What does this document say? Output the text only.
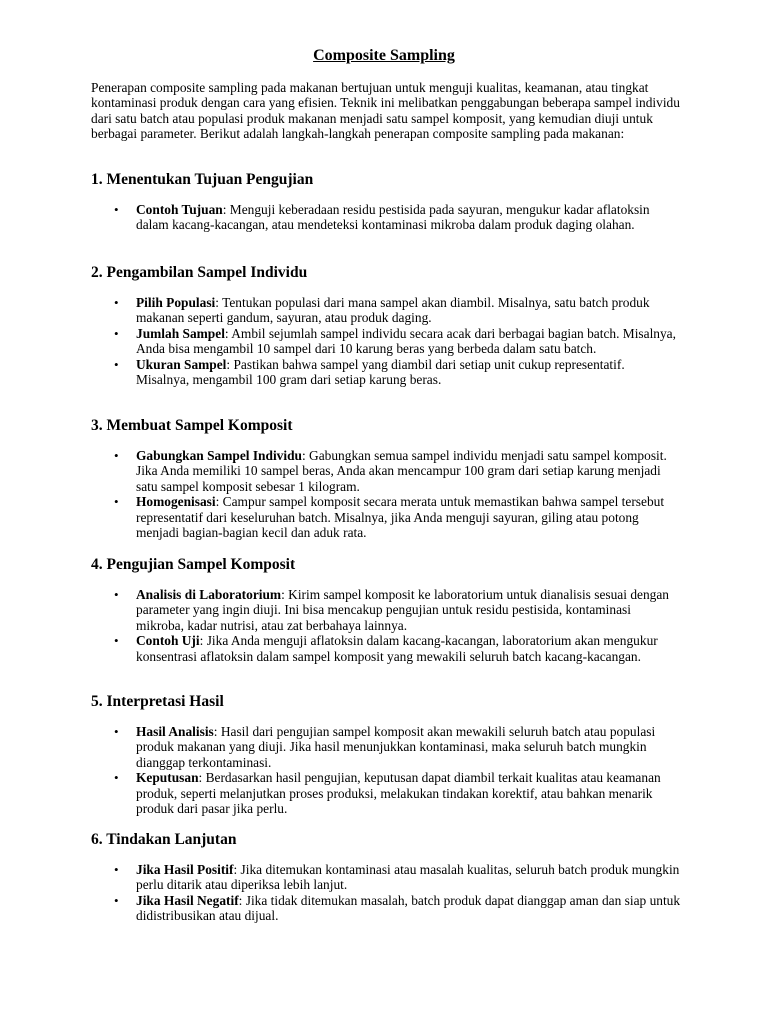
Composite Sampling

Penerapan composite sampling pada makanan bertujuan untuk menguji kualitas, keamanan, atau tingkat kontaminasi produk dengan cara yang efisien. Teknik ini melibatkan penggabungan beberapa sampel individu dari satu batch atau populasi produk makanan menjadi satu sampel komposit, yang kemudian diuji untuk berbagai parameter. Berikut adalah langkah-langkah penerapan composite sampling pada makanan:

1. Menentukan Tujuan Pengujian
• Contoh Tujuan: Menguji keberadaan residu pestisida pada sayuran, mengukur kadar aflatoksin dalam kacang-kacangan, atau mendeteksi kontaminasi mikroba dalam produk daging olahan.
2. Pengambilan Sampel Individu
• Pilih Populasi: Tentukan populasi dari mana sampel akan diambil. Misalnya, satu batch produk makanan seperti gandum, sayuran, atau produk daging.
• Jumlah Sampel: Ambil sejumlah sampel individu secara acak dari berbagai bagian batch. Misalnya, Anda bisa mengambil 10 sampel dari 10 karung beras yang berbeda dalam satu batch.
• Ukuran Sampel: Pastikan bahwa sampel yang diambil dari setiap unit cukup representatif. Misalnya, mengambil 100 gram dari setiap karung beras.
3. Membuat Sampel Komposit
• Gabungkan Sampel Individu: Gabungkan semua sampel individu menjadi satu sampel komposit. Jika Anda memiliki 10 sampel beras, Anda akan mencampur 100 gram dari setiap karung menjadi satu sampel komposit sebesar 1 kilogram.
• Homogenisasi: Campur sampel komposit secara merata untuk memastikan bahwa sampel tersebut representatif dari keseluruhan batch. Misalnya, jika Anda menguji sayuran, giling atau potong menjadi bagian-bagian kecil dan aduk rata.
4. Pengujian Sampel Komposit
• Analisis di Laboratorium: Kirim sampel komposit ke laboratorium untuk dianalisis sesuai dengan parameter yang ingin diuji. Ini bisa mencakup pengujian untuk residu pestisida, kontaminasi mikroba, kadar nutrisi, atau zat berbahaya lainnya.
• Contoh Uji: Jika Anda menguji aflatoksin dalam kacang-kacangan, laboratorium akan mengukur konsentrasi aflatoksin dalam sampel komposit yang mewakili seluruh batch kacang-kacangan.
5. Interpretasi Hasil
• Hasil Analisis: Hasil dari pengujian sampel komposit akan mewakili seluruh batch atau populasi produk makanan yang diuji. Jika hasil menunjukkan kontaminasi, maka seluruh batch mungkin dianggap terkontaminasi.
• Keputusan: Berdasarkan hasil pengujian, keputusan dapat diambil terkait kualitas atau keamanan produk, seperti melanjutkan proses produksi, melakukan tindakan korektif, atau bahkan menarik produk dari pasar jika perlu.
6. Tindakan Lanjutan
• Jika Hasil Positif: Jika ditemukan kontaminasi atau masalah kualitas, seluruh batch produk mungkin perlu ditarik atau diperiksa lebih lanjut.
• Jika Hasil Negatif: Jika tidak ditemukan masalah, batch produk dapat dianggap aman dan siap untuk didistribusikan atau dijual.
